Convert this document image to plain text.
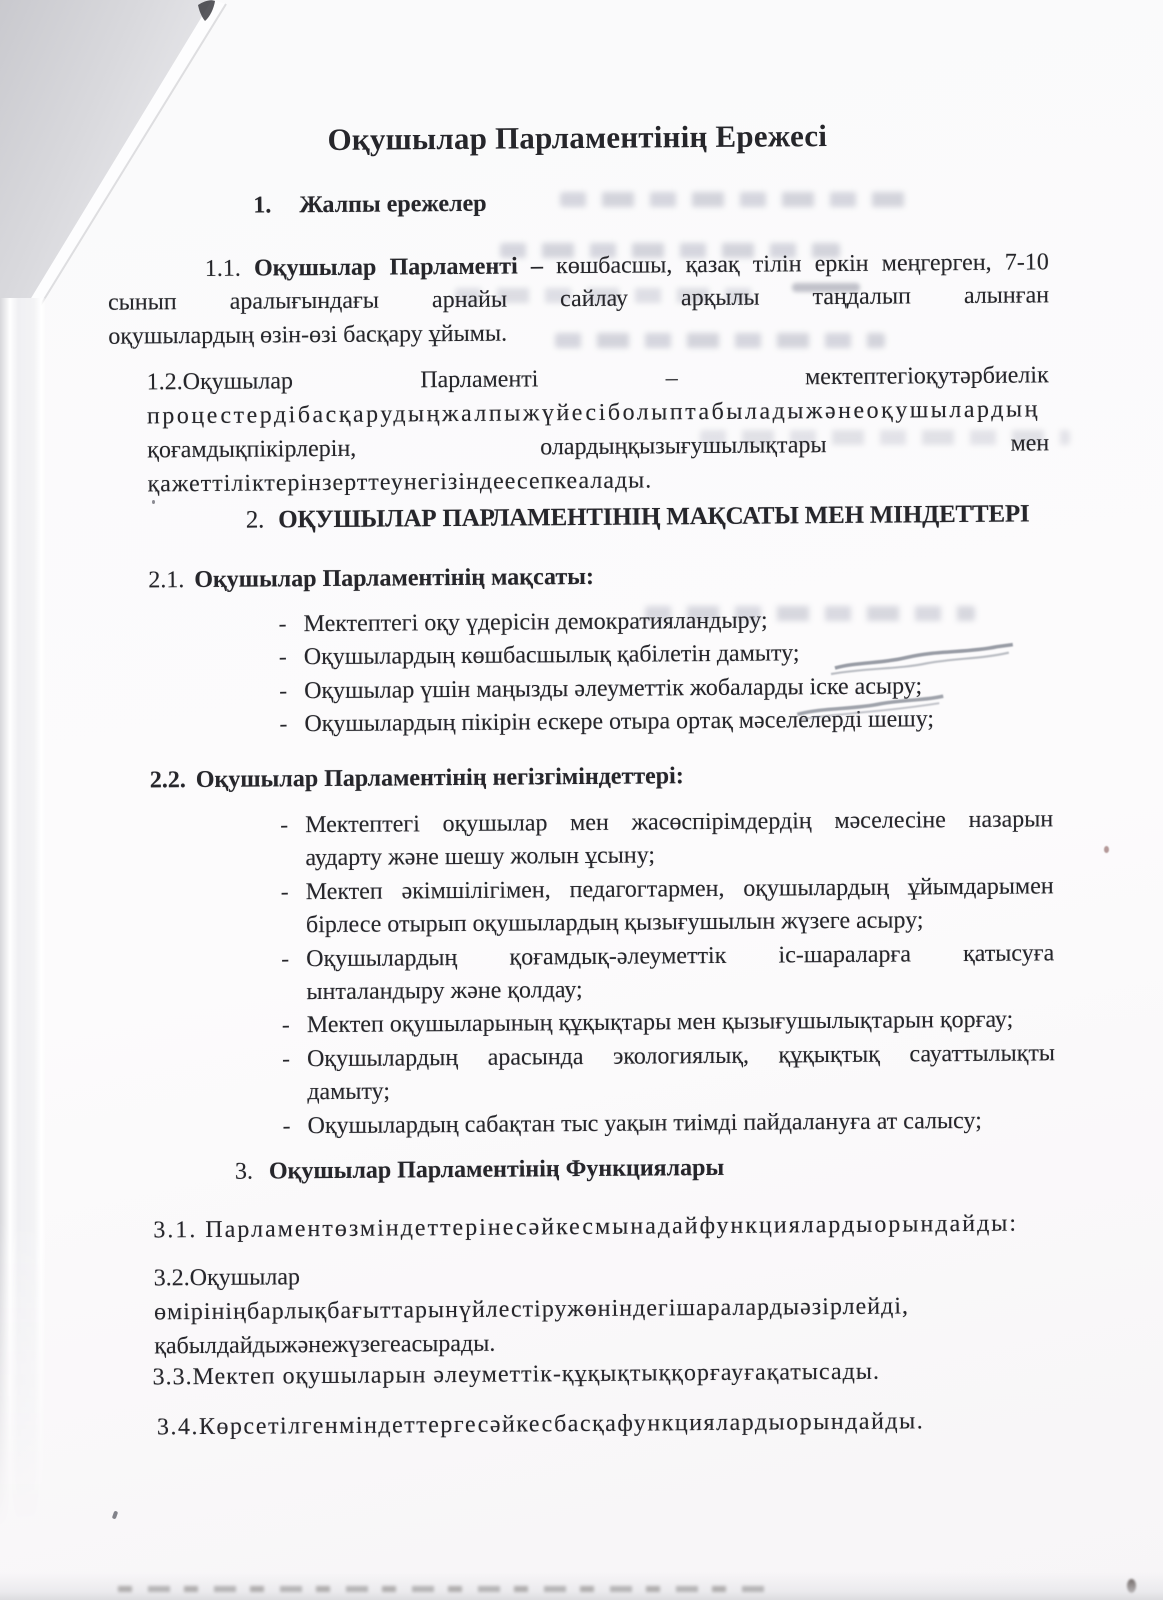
Оқушылар Парламентінің Ережесі
1. Жалпы ережелер
1.1. Оқушылар Парламенті – көшбасшы, қазақ тілін еркін меңгерген, 7-10
сынып аралығындағы арнайы сайлау арқылы таңдалып алынған
оқушылардың өзін-өзі басқару ұйымы.
1.2.Оқушылар Парламенті – мектептегіоқутәрбиелік
процестердібасқарудыңжалпыжүйесіболыптабыладыжәнеоқушылардың
қоғамдықпікірлерін, олардыңқызығушылықтары мен
қажеттіліктерінзерттеунегізіндеесепкеалады.
2. ОҚУШЫЛАР ПАРЛАМЕНТІНІҢ МАҚСАТЫ МЕН МІНДЕТТЕРІ
2.1. Оқушылар Парламентінің мақсаты:
- Мектептегі оқу үдерісін демократияландыру;
- Оқушылардың көшбасшылық қабілетін дамыту;
- Оқушылар үшін маңызды әлеуметтік жобаларды іске асыру;
- Оқушылардың пікірін ескере отыра ортақ мәселелерді шешу;
2.2. Оқушылар Парламентінің негізгіміндеттері:
- Мектептегі оқушылар мен жасөспірімдердің мәселесіне назарын
аударту және шешу жолын ұсыну;
- Мектеп әкімшілігімен, педагогтармен, оқушылардың ұйымдарымен
бірлесе отырып оқушылардың қызығушылын жүзеге асыру;
- Оқушылардың қоғамдық-әлеуметтік іс-шараларға қатысуға
ынталандыру және қолдау;
- Мектеп оқушыларының құқықтары мен қызығушылықтарын қорғау;
- Оқушылардың арасында экологиялық, құқықтық сауаттылықты
дамыту;
- Оқушылардың сабақтан тыс уақын тиімді пайдалануға ат салысу;
3. Оқушылар Парламентінің Функциялары
3.1. Парламентөзміндеттерінесәйкесмынадайфункциялардыорындайды:
3.2.Оқушылар
өмірініңбарлықбағыттарынүйлестіружөніндегішаралардыәзірлейді,
қабылдайдыжәнежүзегеасырады.
3.3.Мектеп оқушыларын әлеуметтік-құқықтыққорғауғақатысады.
3.4.Көрсетілгенміндеттергесәйкесбасқафункциялардыорындайды.
